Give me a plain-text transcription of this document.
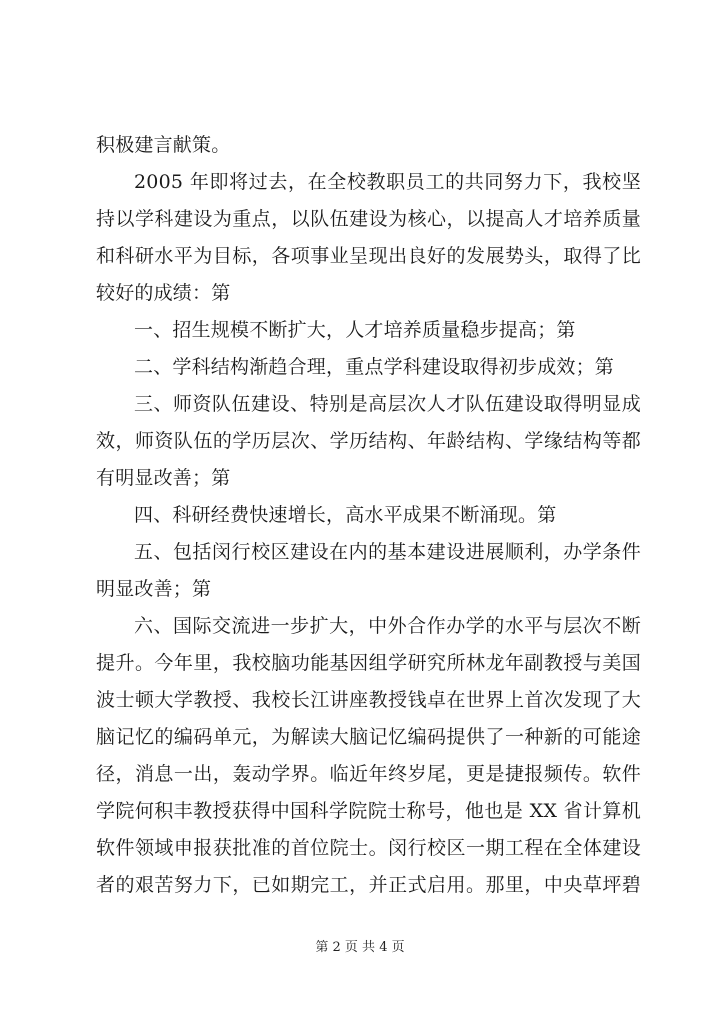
积极建言献策。
2005 年即将过去，在全校教职员工的共同努力下，我校坚
持以学科建设为重点，以队伍建设为核心，以提高人才培养质量
和科研水平为目标，各项事业呈现出良好的发展势头，取得了比
较好的成绩：第
一、招生规模不断扩大，人才培养质量稳步提高；第
二、学科结构渐趋合理，重点学科建设取得初步成效；第
三、师资队伍建设、特别是高层次人才队伍建设取得明显成
效，师资队伍的学历层次、学历结构、年龄结构、学缘结构等都
有明显改善；第
四、科研经费快速增长，高水平成果不断涌现。第
五、包括闵行校区建设在内的基本建设进展顺利，办学条件
明显改善；第
六、国际交流进一步扩大，中外合作办学的水平与层次不断
提升。今年里，我校脑功能基因组学研究所林龙年副教授与美国
波士顿大学教授、我校长江讲座教授钱卓在世界上首次发现了大
脑记忆的编码单元，为解读大脑记忆编码提供了一种新的可能途
径，消息一出，轰动学界。临近年终岁尾，更是捷报频传。软件
学院何积丰教授获得中国科学院院士称号，他也是 XX 省计算机
软件领域申报获批准的首位院士。闵行校区一期工程在全体建设
者的艰苦努力下，已如期完工，并正式启用。那里，中央草坪碧
第 2 页 共 4 页
